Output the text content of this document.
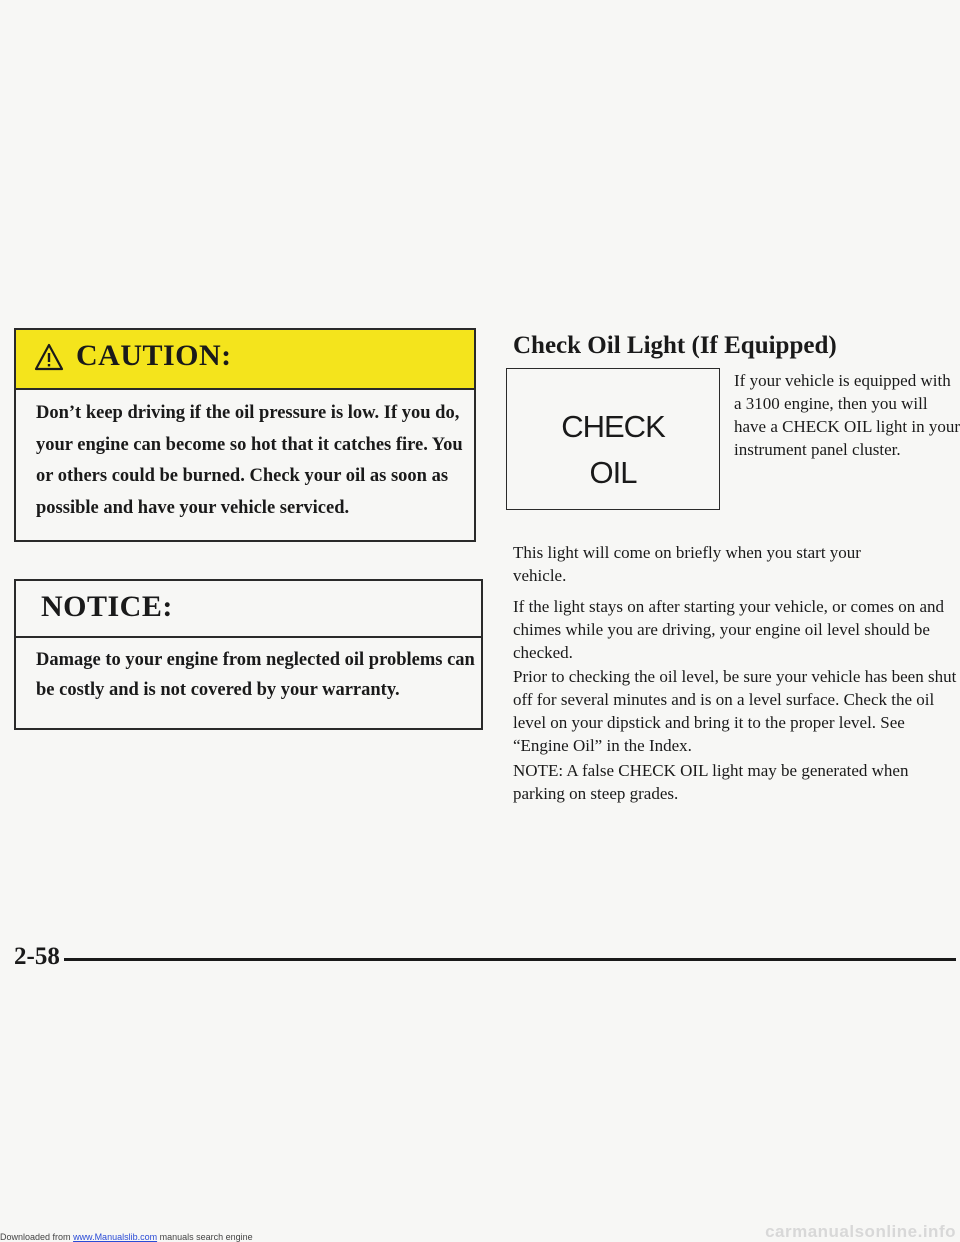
CAUTION:
Don’t keep driving if the oil pressure is low. If you do, your engine can become so hot that it catches fire. You or others could be burned. Check your oil as soon as possible and have your vehicle serviced.
NOTICE:
Damage to your engine from neglected oil problems can be costly and is not covered by your warranty.
Check Oil Light (If Equipped)
CHECK
OIL
If your vehicle is equipped with a 3100 engine, then you will have a CHECK OIL light in your instrument panel cluster.
This light will come on briefly when you start your vehicle.
If the light stays on after starting your vehicle, or comes on and chimes while you are driving, your engine oil level should be checked.
Prior to checking the oil level, be sure your vehicle has been shut off for several minutes and is on a level surface. Check the oil level on your dipstick and bring it to the proper level. See “Engine Oil” in the Index.
NOTE: A false CHECK OIL light may be generated when parking on steep grades.
2-58
Downloaded from www.Manualslib.com manuals search engine	carmanualsonline.info
